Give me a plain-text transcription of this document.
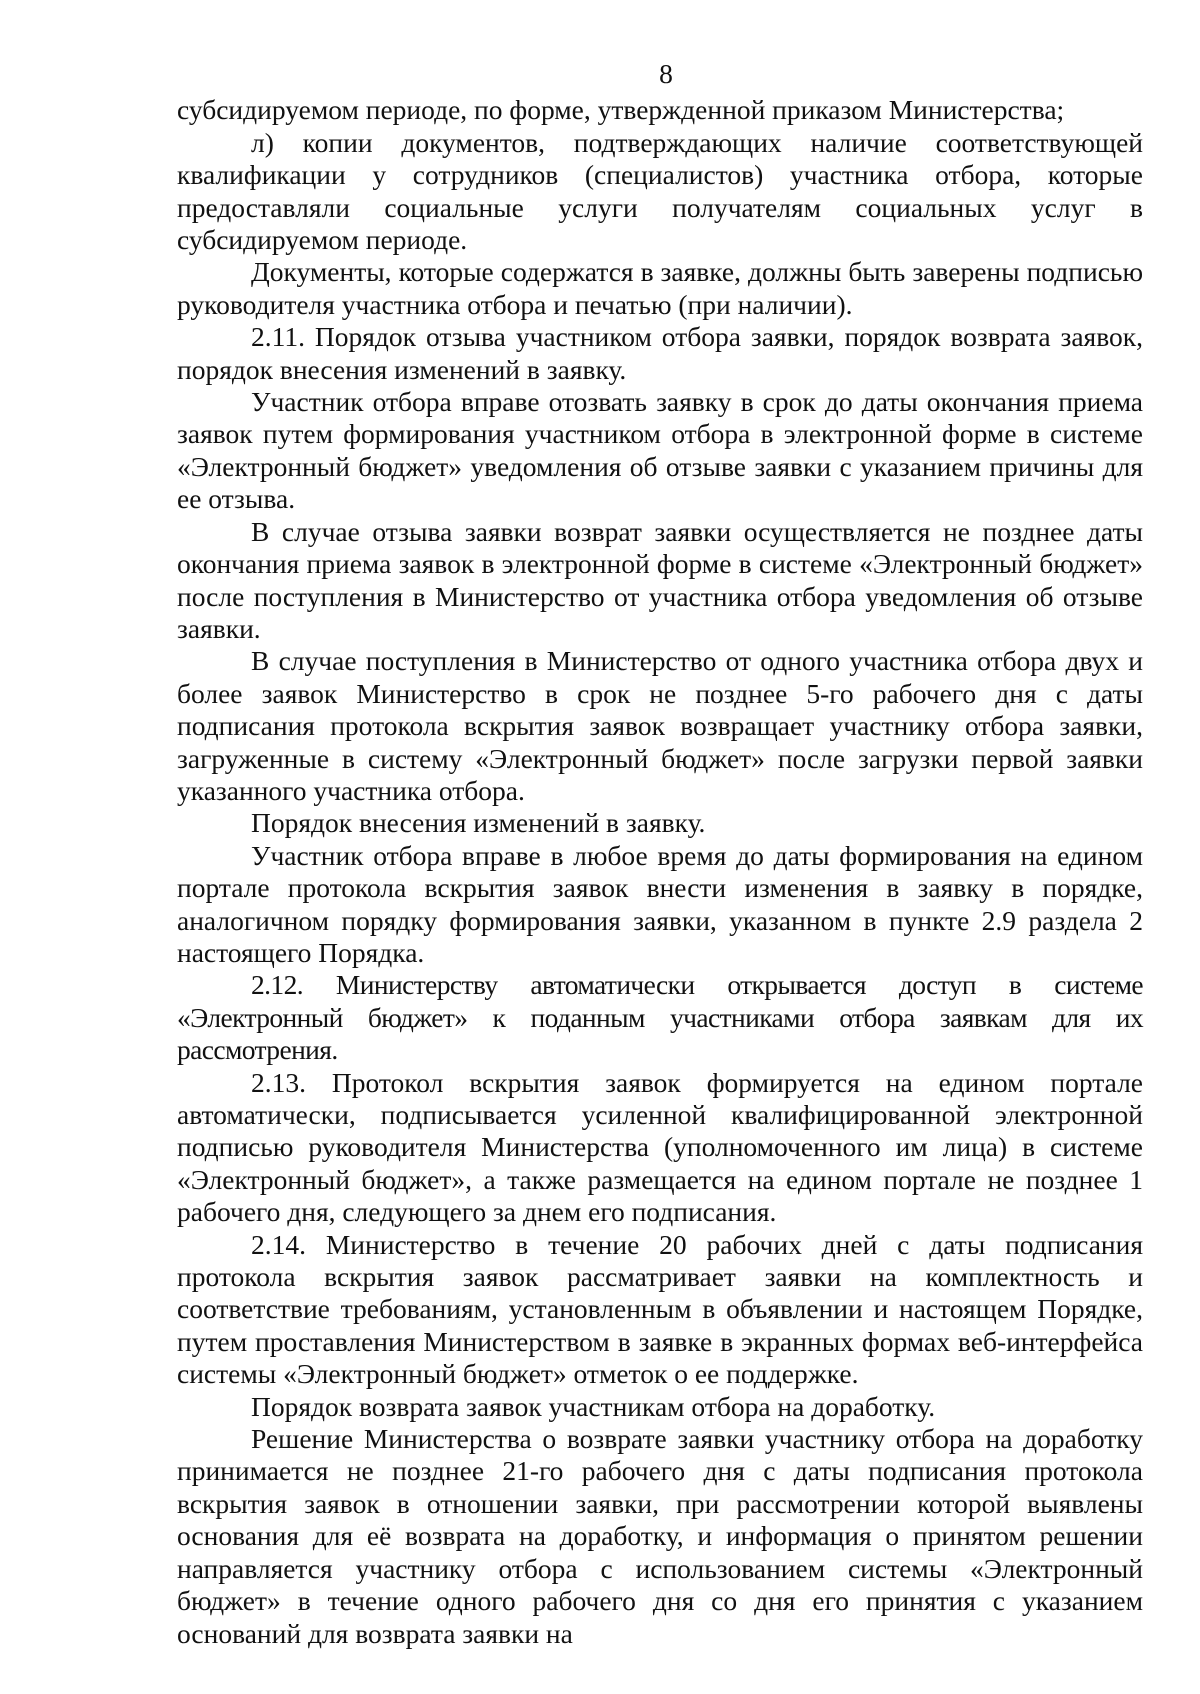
8

субсидируемом периоде, по форме, утвержденной приказом Министерства;

л) копии документов, подтверждающих наличие соответствующей квалификации у сотрудников (специалистов) участника отбора, которые предоставляли социальные услуги получателям социальных услуг в субсидируемом периоде.

Документы, которые содержатся в заявке, должны быть заверены подписью руководителя участника отбора и печатью (при наличии).

2.11. Порядок отзыва участником отбора заявки, порядок возврата заявок, порядок внесения изменений в заявку.

Участник отбора вправе отозвать заявку в срок до даты окончания приема заявок путем формирования участником отбора в электронной форме в системе «Электронный бюджет» уведомления об отзыве заявки с указанием причины для ее отзыва.

В случае отзыва заявки возврат заявки осуществляется не позднее даты окончания приема заявок в электронной форме в системе «Электронный бюджет» после поступления в Министерство от участника отбора уведомления об отзыве заявки.

В случае поступления в Министерство от одного участника отбора двух и более заявок Министерство в срок не позднее 5-го рабочего дня с даты подписания протокола вскрытия заявок возвращает участнику отбора заявки, загруженные в систему «Электронный бюджет» после загрузки первой заявки указанного участника отбора.

Порядок внесения изменений в заявку.

Участник отбора вправе в любое время до даты формирования на едином портале протокола вскрытия заявок внести изменения в заявку в порядке, аналогичном порядку формирования заявки, указанном в пункте 2.9 раздела 2 настоящего Порядка.

2.12. Министерству автоматически открывается доступ в системе «Электронный бюджет» к поданным участниками отбора заявкам для их рассмотрения.

2.13. Протокол вскрытия заявок формируется на едином портале автоматически, подписывается усиленной квалифицированной электронной подписью руководителя Министерства (уполномоченного им лица) в системе «Электронный бюджет», а также размещается на едином портале не позднее 1 рабочего дня, следующего за днем его подписания.

2.14. Министерство в течение 20 рабочих дней с даты подписания протокола вскрытия заявок рассматривает заявки на комплектность и соответствие требованиям, установленным в объявлении и настоящем Порядке, путем проставления Министерством в заявке в экранных формах веб-интерфейса системы «Электронный бюджет» отметок о ее поддержке.

Порядок возврата заявок участникам отбора на доработку.

Решение Министерства о возврате заявки участнику отбора на доработку принимается не позднее 21-го рабочего дня с даты подписания протокола вскрытия заявок в отношении заявки, при рассмотрении которой выявлены основания для её возврата на доработку, и информация о принятом решении направляется участнику отбора с использованием системы «Электронный бюджет» в течение одного рабочего дня со дня его принятия с указанием оснований для возврата заявки на
